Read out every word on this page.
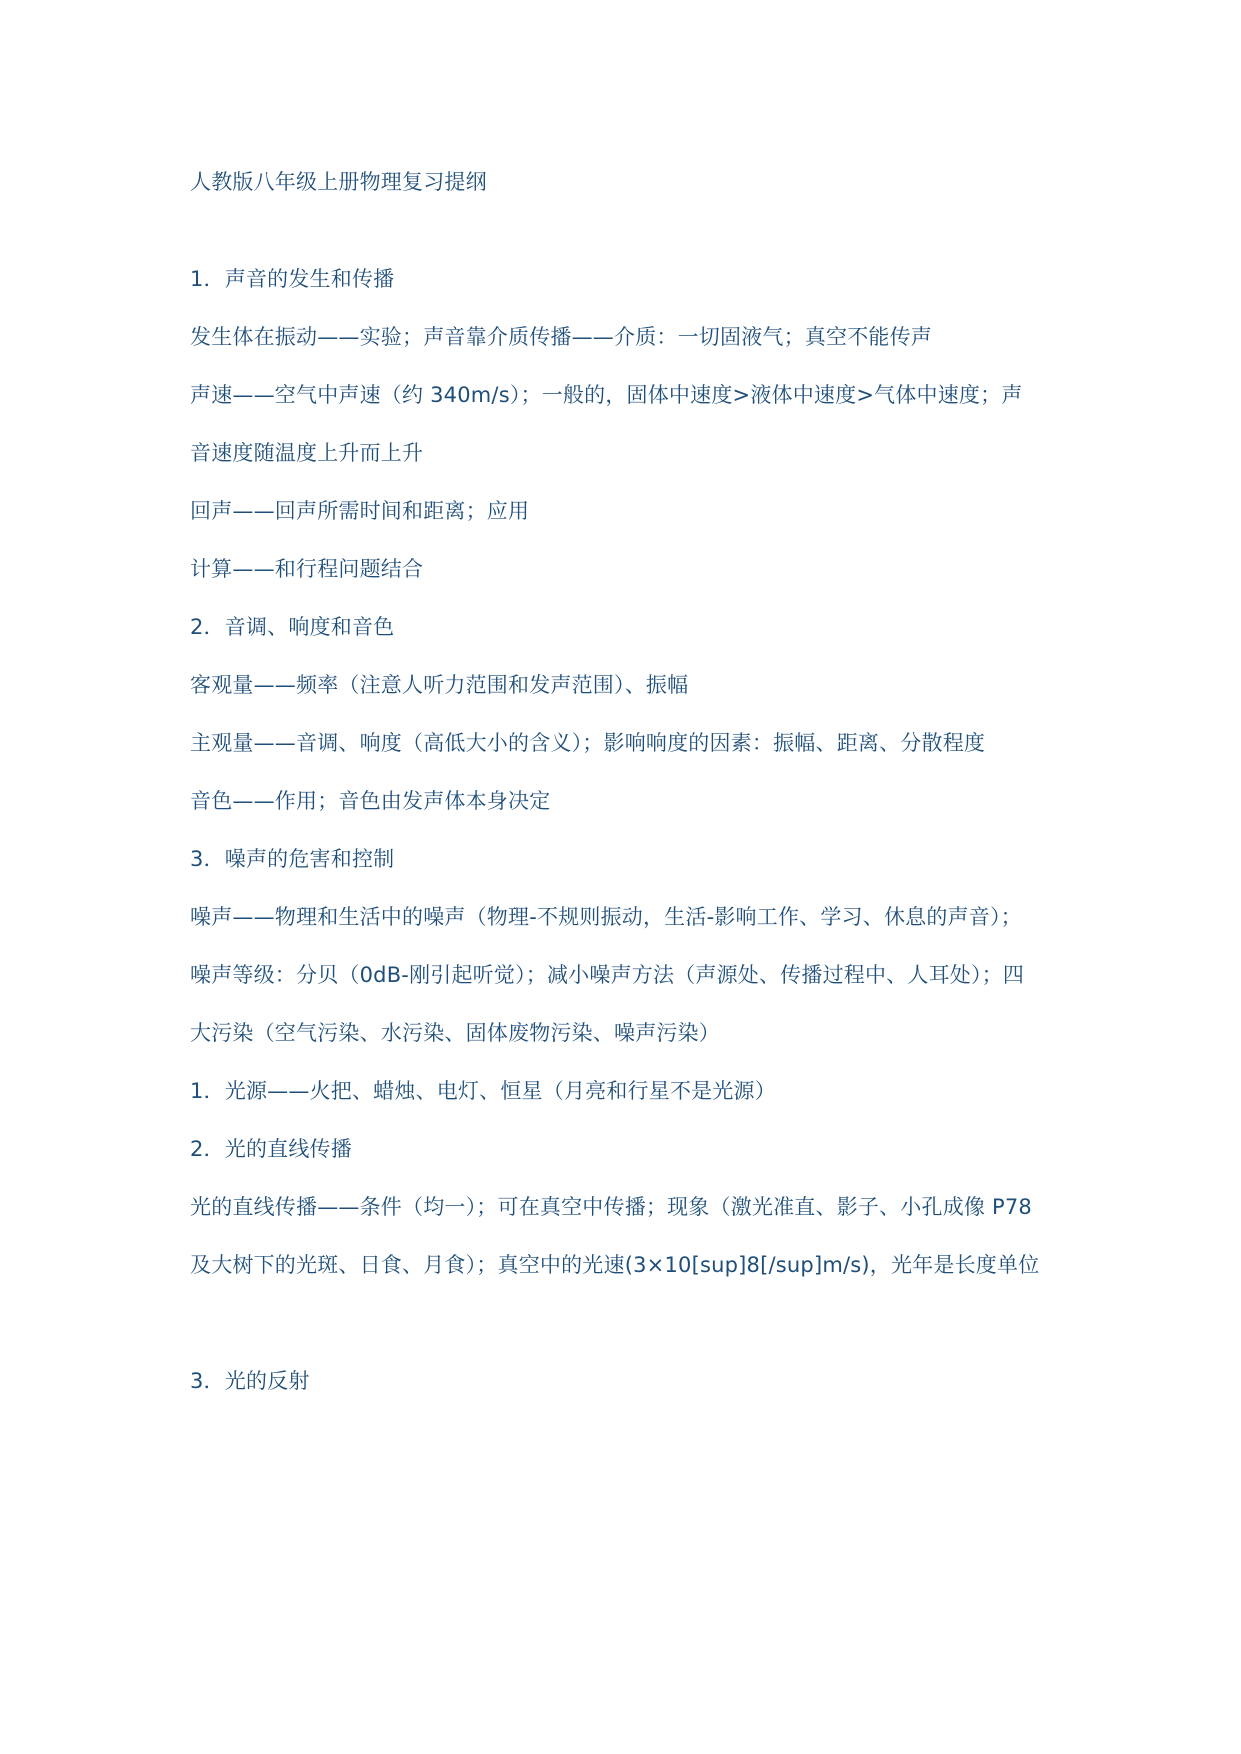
人教版八年级上册物理复习提纲
1．声音的发生和传播
发生体在振动——实验；声音靠介质传播——介质：一切固液气；真空不能传声
声速——空气中声速（约 340m/s）；一般的，固体中速度>液体中速度>气体中速度；声
音速度随温度上升而上升
回声——回声所需时间和距离；应用
计算——和行程问题结合
2．音调、响度和音色
客观量——频率（注意人听力范围和发声范围）、振幅
主观量——音调、响度（高低大小的含义）；影响响度的因素：振幅、距离、分散程度
音色——作用；音色由发声体本身决定
3．噪声的危害和控制
噪声——物理和生活中的噪声（物理-不规则振动，生活-影响工作、学习、休息的声音）；
噪声等级：分贝（0dB-刚引起听觉）；减小噪声方法（声源处、传播过程中、人耳处）；四
大污染（空气污染、水污染、固体废物污染、噪声污染）
1．光源——火把、蜡烛、电灯、恒星（月亮和行星不是光源）
2．光的直线传播
光的直线传播——条件（均一）；可在真空中传播；现象（激光准直、影子、小孔成像 P78
及大树下的光斑、日食、月食）；真空中的光速(3×10[sup]8[/sup]m/s)，光年是长度单位
3．光的反射
